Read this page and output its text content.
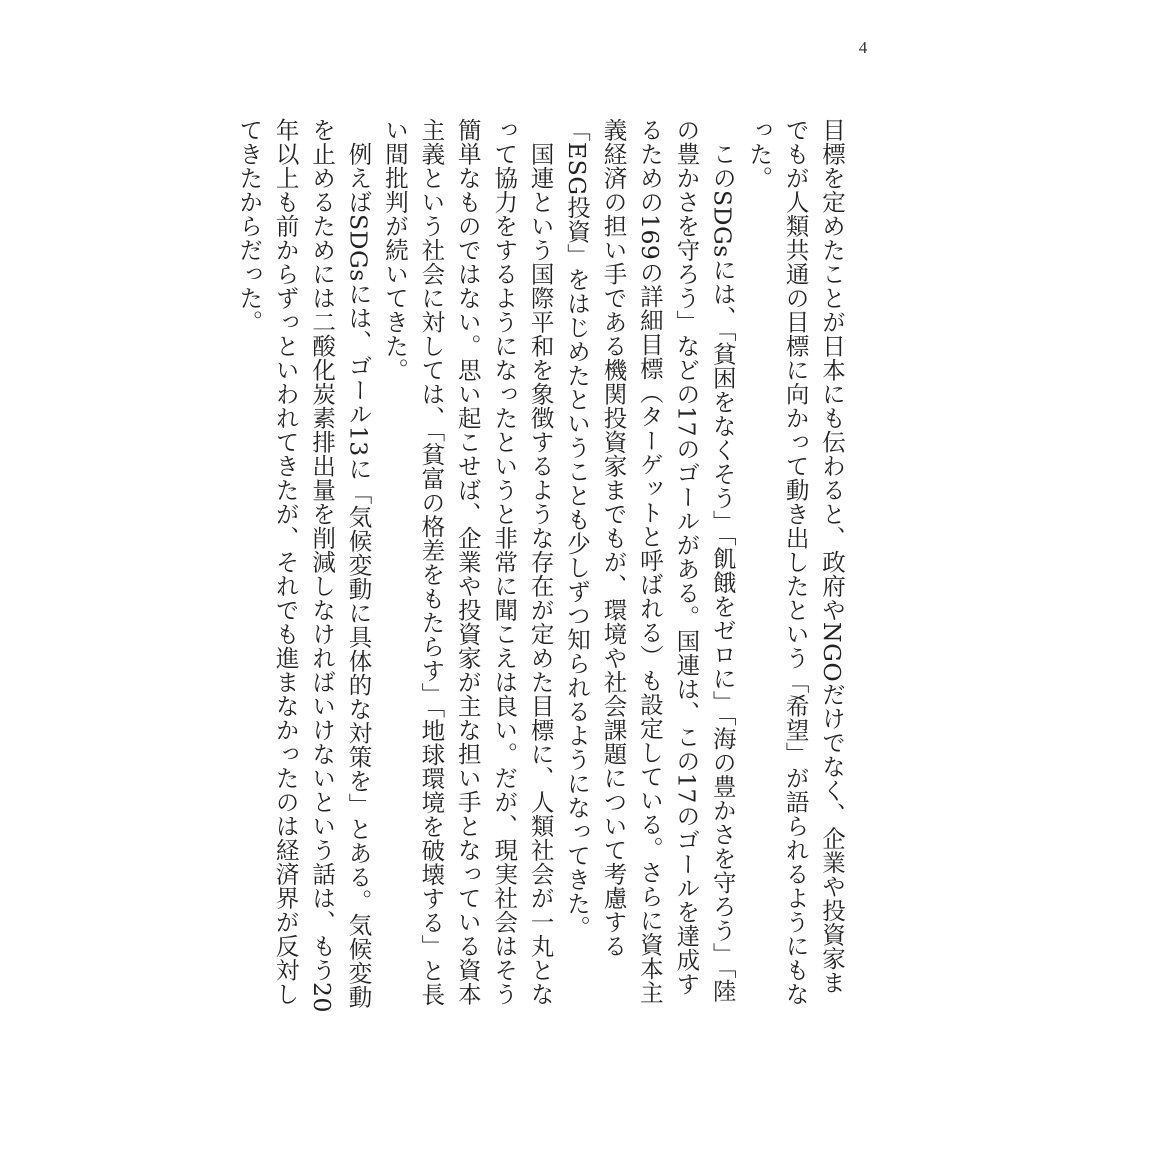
4

目標を定めたことが日本にも伝わると、政府やNGOだけでなく、企業や投資家までもが人類共通の目標に向かって動き出したという「希望」が語られるようにもなった。

このSDGsには、「貧困をなくそう」「飢餓をゼロに」「海の豊かさを守ろう」「陸の豊かさを守ろう」などの17のゴールがある。国連は、この17のゴールを達成するための169の詳細目標（ターゲットと呼ばれる）も設定している。さらに資本主義経済の担い手である機関投資家までもが、環境や社会課題について考慮する「ESG投資」をはじめたということも少しずつ知られるようになってきた。

国連という国際平和を象徴するような存在が定めた目標に、人類社会が一丸となって協力をするようになったというと非常に聞こえは良い。だが、現実社会はそう簡単なものではない。思い起こせば、企業や投資家が主な担い手となっている資本主義という社会に対しては、「貧富の格差をもたらす」「地球環境を破壊する」と長い間批判が続いてきた。

例えばSDGsには、ゴール13に「気候変動に具体的な対策を」とある。気候変動を止めるためには二酸化炭素排出量を削減しなければいけないという話は、もう20年以上も前からずっといわれてきたが、それでも進まなかったのは経済界が反対してきたからだった。
